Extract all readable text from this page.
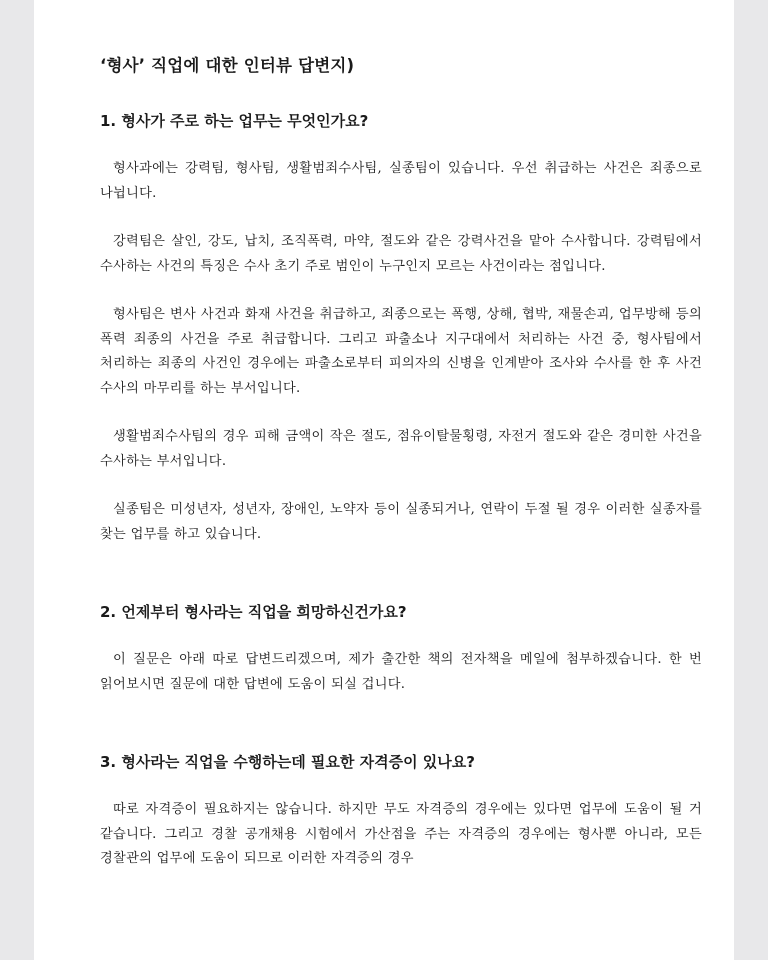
‘형사’ 직업에 대한 인터뷰 답변지)
1. 형사가 주로 하는 업무는 무엇인가요?

형사과에는 강력팀, 형사팀, 생활범죄수사팀, 실종팀이 있습니다. 우선 취급하는 사건은 죄종으로 나뉩니다.

강력팀은 살인, 강도, 납치, 조직폭력, 마약, 절도와 같은 강력사건을 맡아 수사합니다. 강력팀에서 수사하는 사건의 특징은 수사 초기 주로 범인이 누구인지 모르는 사건이라는 점입니다.

형사팀은 변사 사건과 화재 사건을 취급하고, 죄종으로는 폭행, 상해, 협박, 재물손괴, 업무방해 등의 폭력 죄종의 사건을 주로 취급합니다. 그리고 파출소나 지구대에서 처리하는 사건 중, 형사팀에서 처리하는 죄종의 사건인 경우에는 파출소로부터 피의자의 신병을 인계받아 조사와 수사를 한 후 사건 수사의 마무리를 하는 부서입니다.

생활범죄수사팀의 경우 피해 금액이 작은 절도, 점유이탈물횡령, 자전거 절도와 같은 경미한 사건을 수사하는 부서입니다.

실종팀은 미성년자, 성년자, 장애인, 노약자 등이 실종되거나, 연락이 두절 될 경우 이러한 실종자를 찾는 업무를 하고 있습니다.

2. 언제부터 형사라는 직업을 희망하신건가요?

이 질문은 아래 따로 답변드리겠으며, 제가 출간한 책의 전자책을 메일에 첨부하겠습니다. 한 번 읽어보시면 질문에 대한 답변에 도움이 되실 겁니다.

3. 형사라는 직업을 수행하는데 필요한 자격증이 있나요?

따로 자격증이 필요하지는 않습니다. 하지만 무도 자격증의 경우에는 있다면 업무에 도움이 될 거 같습니다. 그리고 경찰 공개채용 시험에서 가산점을 주는 자격증의 경우에는 형사뿐 아니라, 모든 경찰관의 업무에 도움이 되므로 이러한 자격증의 경우
